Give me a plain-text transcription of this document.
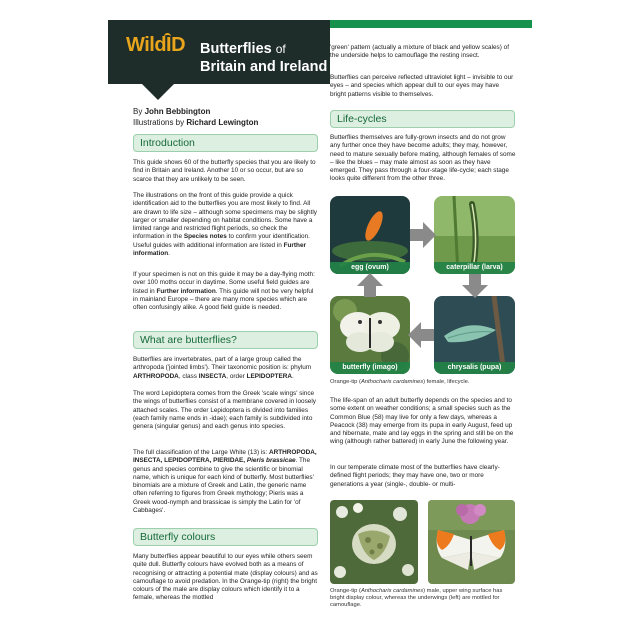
WildID Butterflies of
Britain and Ireland
By John Bebbington
Illustrations by Richard Lewington
Introduction
This guide shows 60 of the butterfly species that you are likely to find in Britain and Ireland. Another 10 or so occur, but are so scarce that they are unlikely to be seen.
The illustrations on the front of this guide provide a quick identification aid to the butterflies you are most likely to find. All are drawn to life size – although some specimens may be slightly larger or smaller depending on habitat conditions. Some have a limited range and restricted flight periods, so check the information in the Species notes to confirm your identification. Useful guides with additional information are listed in Further information.
If your specimen is not on this guide it may be a day-flying moth: over 100 moths occur in daytime. Some useful field guides are listed in Further information. This guide will not be very helpful in mainland Europe – there are many more species which are often confusingly alike. A good field guide is needed.
What are butterflies?
Butterflies are invertebrates, part of a large group called the arthropoda ('jointed limbs'). Their taxonomic position is: phylum ARTHROPODA, class INSECTA, order LEPIDOPTERA.
The word Lepidoptera comes from the Greek 'scale wings' since the wings of butterflies consist of a membrane covered in loosely attached scales. The order Lepidoptera is divided into families (each family name ends in -idae); each family is subdivided into genera (singular genus) and each genus into species.
The full classification of the Large White (13) is: ARTHROPODA, INSECTA, LEPIDOPTERA, PIERIDAE, Pieris brassicae. The genus and species combine to give the scientific or binomial name, which is unique for each kind of butterfly. Most butterflies' binomials are a mixture of Greek and Latin, the generic name often referring to figures from Greek mythology; Pieris was a Greek wood-nymph and brassicae is simply the Latin for 'of Cabbages'.
Butterfly colours
Many butterflies appear beautiful to our eyes while others seem quite dull. Butterfly colours have evolved both as a means of recognising or attracting a potential mate (display colours) and as camouflage to avoid predation. In the Orange-tip (right) the bright colours of the male are display colours which identify it to a female, whereas the mottled
'green' pattern (actually a mixture of black and yellow scales) of the underside helps to camouflage the resting insect.
Butterflies can perceive reflected ultraviolet light – invisible to our eyes – and species which appear dull to our eyes may have bright patterns visible to themselves.
Life-cycles
Butterflies themselves are fully-grown insects and do not grow any further once they have become adults; they may, however, need to mature sexually before mating, although females of some – like the blues – may mate almost as soon as they have emerged. They pass through a four-stage life-cycle; each stage looks quite different from the other three.
egg (ovum)	caterpillar (larva)
butterfly (imago)	chrysalis (pupa)
Orange-tip (Anthocharis cardamines) female, lifecycle.
The life-span of an adult butterfly depends on the species and to some extent on weather conditions; a small species such as the Common Blue (58) may live for only a few days, whereas a Peacock (38) may emerge from its pupa in early August, feed up and hibernate, mate and lay eggs in the spring and still be on the wing (although rather battered) in early June the following year.
In our temperate climate most of the butterflies have clearly-defined flight periods; they may have one, two or more generations a year (single-, double- or multi-
Orange-tip (Anthocharis cardamines) male, upper wing surface has bright display colour, whereas the underwings (left) are mottled for camouflage.
